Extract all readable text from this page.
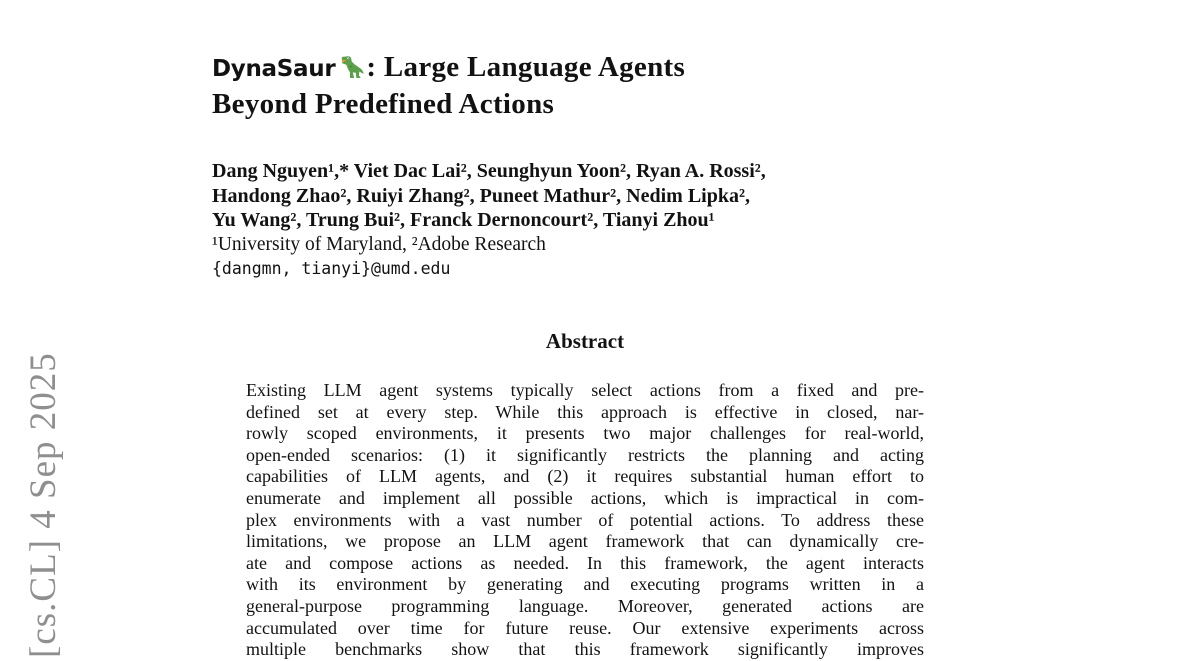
[cs.CL] 4 Sep 2025
DynaSaur : Large Language Agents
Beyond Predefined Actions
Dang Nguyen¹,* Viet Dac Lai², Seunghyun Yoon², Ryan A. Rossi²,
Handong Zhao², Ruiyi Zhang², Puneet Mathur², Nedim Lipka²,
Yu Wang², Trung Bui², Franck Dernoncourt², Tianyi Zhou¹
¹University of Maryland, ²Adobe Research
{dangmn, tianyi}@umd.edu
Abstract
Existing LLM agent systems typically select actions from a fixed and pre-
defined set at every step. While this approach is effective in closed, nar-
rowly scoped environments, it presents two major challenges for real-world,
open-ended scenarios: (1) it significantly restricts the planning and acting
capabilities of LLM agents, and (2) it requires substantial human effort to
enumerate and implement all possible actions, which is impractical in com-
plex environments with a vast number of potential actions. To address these
limitations, we propose an LLM agent framework that can dynamically cre-
ate and compose actions as needed. In this framework, the agent interacts
with its environment by generating and executing programs written in a
general-purpose programming language. Moreover, generated actions are
accumulated over time for future reuse. Our extensive experiments across
multiple benchmarks show that this framework significantly improves
